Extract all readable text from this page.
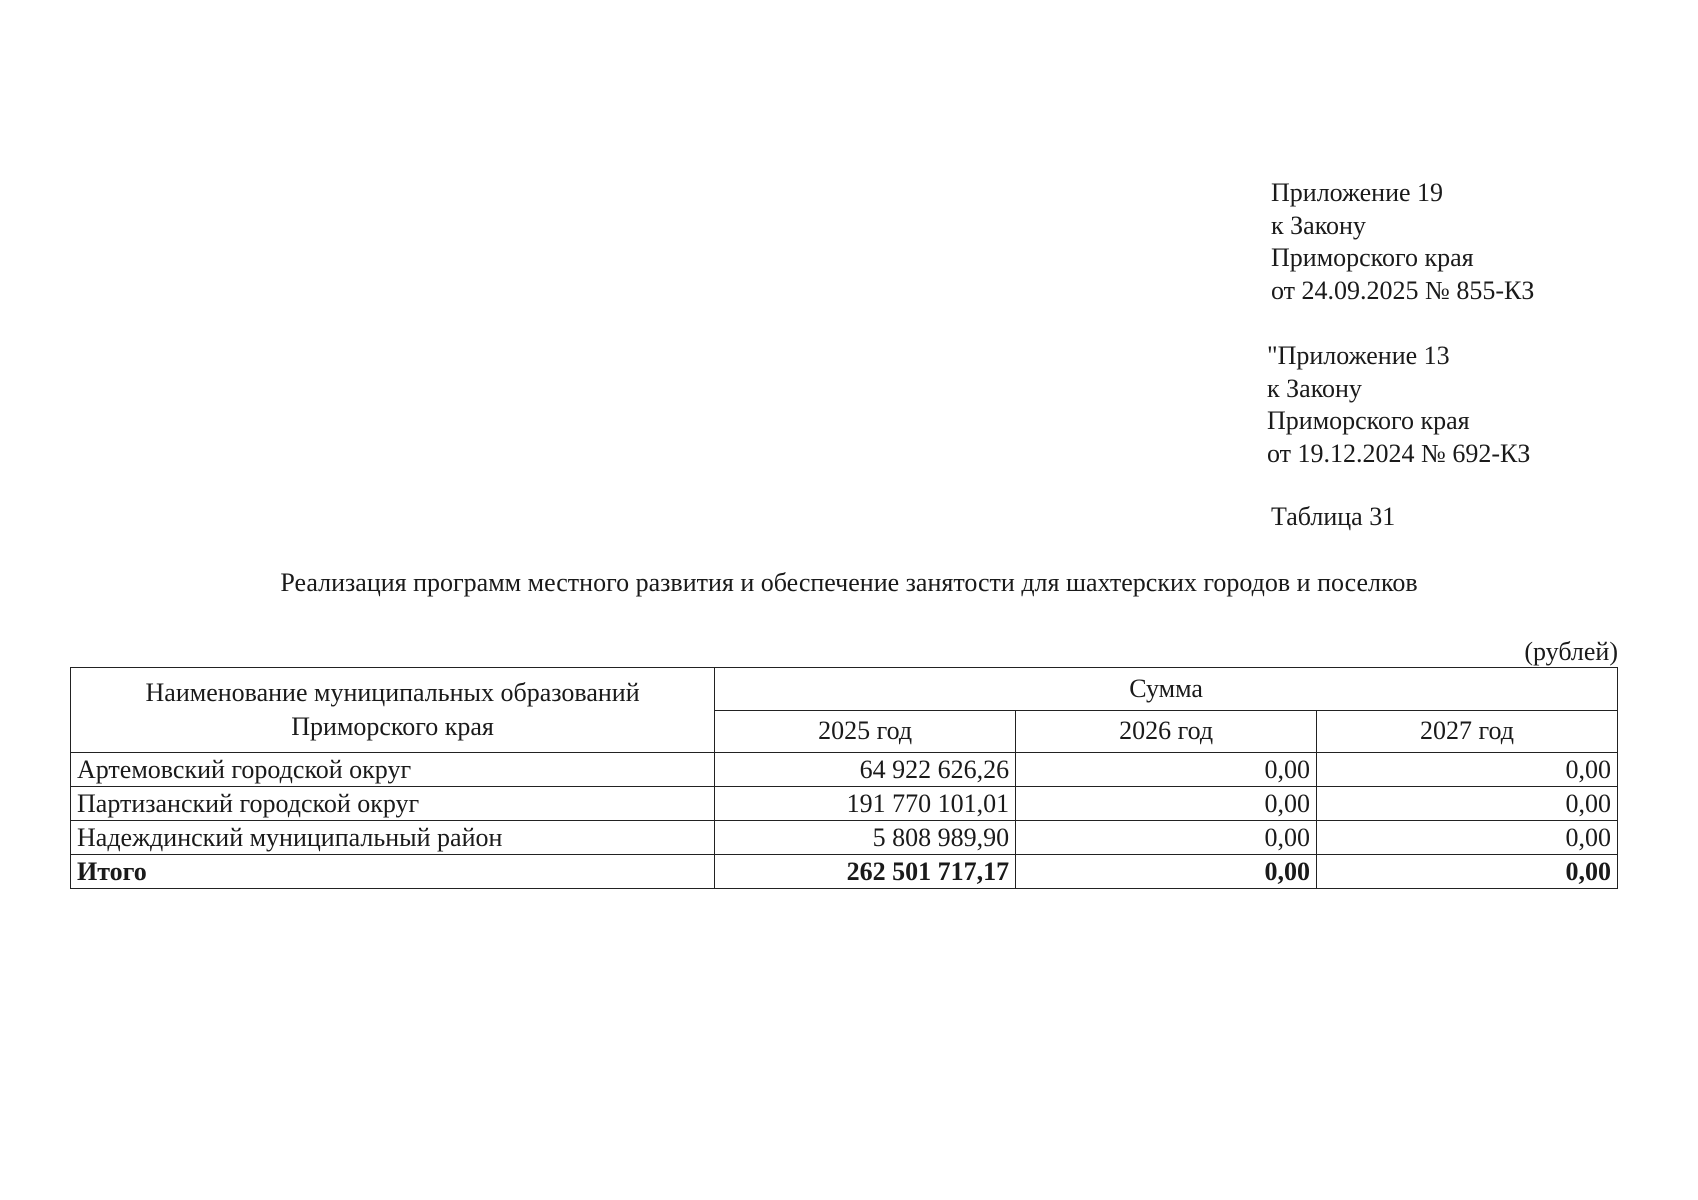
Приложение 19
к Закону
Приморского края
от 24.09.2025 № 855-КЗ
"Приложение 13
к Закону
Приморского края
от 19.12.2024 № 692-КЗ
Таблица 31
Реализация программ местного развития и обеспечение занятости для шахтерских городов и поселков
(рублей)
Наименование муниципальных образований
Приморского края	Сумма		
	2025 год	2026 год	2027 год
Артемовский городской округ	64 922 626,26	0,00	0,00
Партизанский городской округ	191 770 101,01	0,00	0,00
Надеждинский муниципальный район	5 808 989,90	0,00	0,00
Итого	262 501 717,17	0,00	0,00
